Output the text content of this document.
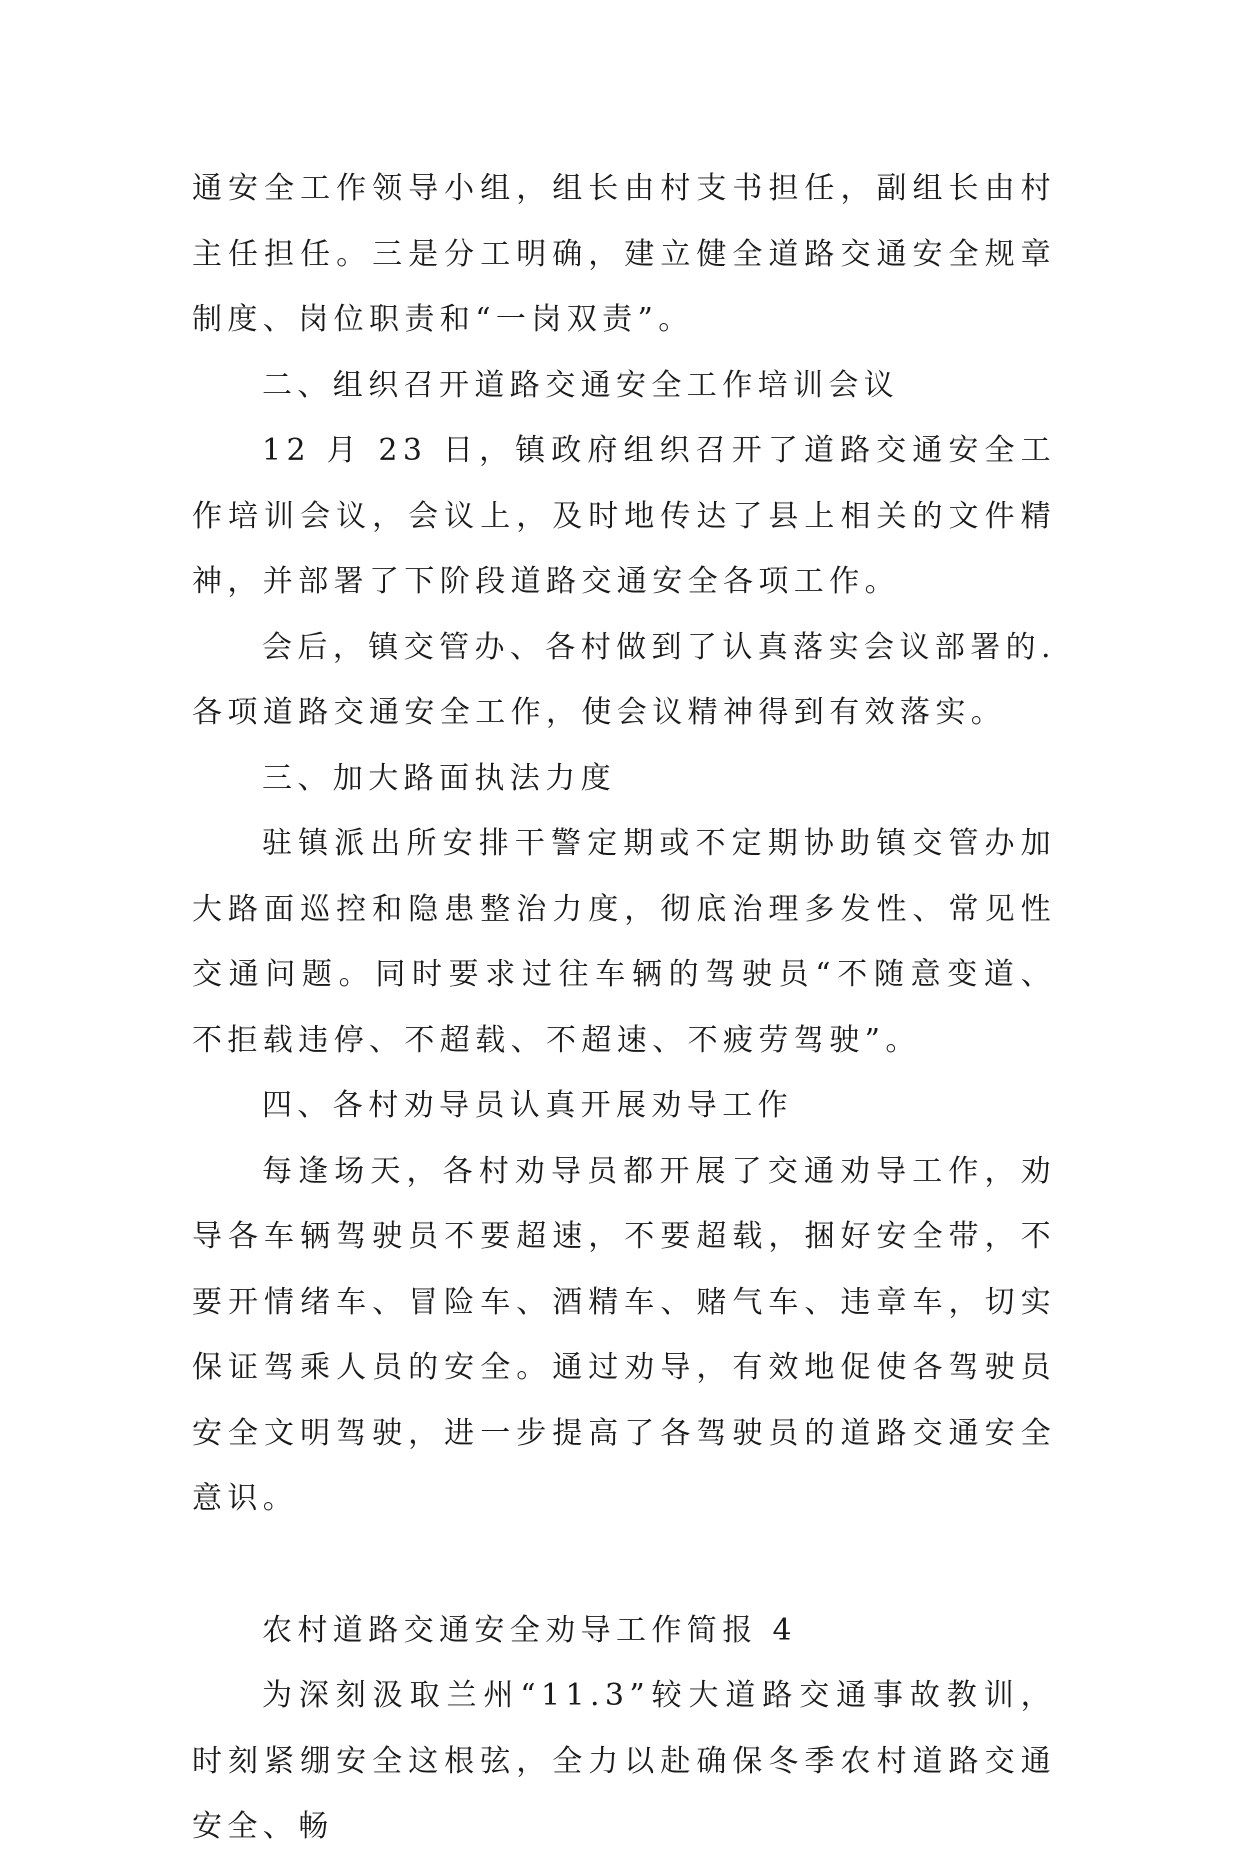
通安全工作领导小组，组长由村支书担任，副组长由村主任担任。三是分工明确，建立健全道路交通安全规章制度、岗位职责和“一岗双责”。

二、组织召开道路交通安全工作培训会议

12 月 23 日，镇政府组织召开了道路交通安全工作培训会议，会议上，及时地传达了县上相关的文件精神，并部署了下阶段道路交通安全各项工作。

会后，镇交管办、各村做到了认真落实会议部署的.各项道路交通安全工作，使会议精神得到有效落实。

三、加大路面执法力度

驻镇派出所安排干警定期或不定期协助镇交管办加大路面巡控和隐患整治力度，彻底治理多发性、常见性交通问题。同时要求过往车辆的驾驶员“不随意变道、不拒载违停、不超载、不超速、不疲劳驾驶”。

四、各村劝导员认真开展劝导工作

每逢场天，各村劝导员都开展了交通劝导工作，劝导各车辆驾驶员不要超速，不要超载，捆好安全带，不要开情绪车、冒险车、酒精车、赌气车、违章车，切实保证驾乘人员的安全。通过劝导，有效地促使各驾驶员安全文明驾驶，进一步提高了各驾驶员的道路交通安全意识。

农村道路交通安全劝导工作简报 4

为深刻汲取兰州“11.3”较大道路交通事故教训，时刻紧绷安全这根弦，全力以赴确保冬季农村道路交通安全、畅
